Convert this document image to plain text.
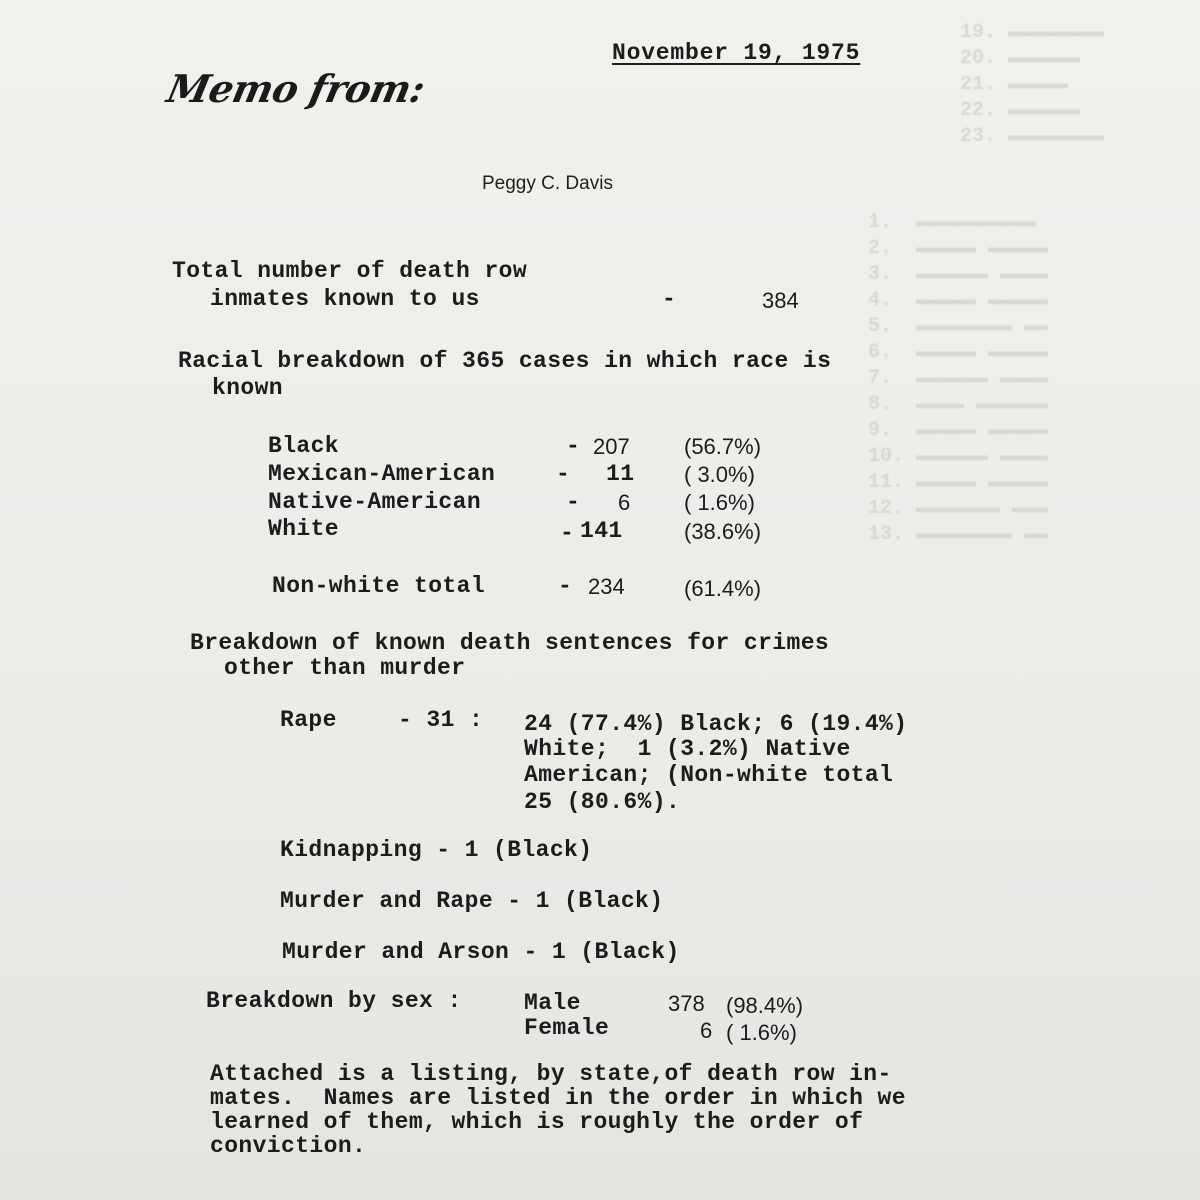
1.  ▬▬▬▬▬▬▬▬▬▬
2.  ▬▬▬▬▬ ▬▬▬▬▬
3.  ▬▬▬▬▬▬ ▬▬▬▬
4.  ▬▬▬▬▬ ▬▬▬▬▬
5.  ▬▬▬▬▬▬▬▬ ▬▬
6.  ▬▬▬▬▬ ▬▬▬▬▬
7.  ▬▬▬▬▬▬ ▬▬▬▬
8.  ▬▬▬▬ ▬▬▬▬▬▬
9.  ▬▬▬▬▬ ▬▬▬▬▬
10. ▬▬▬▬▬▬ ▬▬▬▬
11. ▬▬▬▬▬ ▬▬▬▬▬
12. ▬▬▬▬▬▬▬ ▬▬▬
13. ▬▬▬▬▬▬▬▬ ▬▬
19. ▬▬▬▬▬▬▬▬
20. ▬▬▬▬▬▬
21. ▬▬▬▬▬
22. ▬▬▬▬▬▬
23. ▬▬▬▬▬▬▬▬
November 19, 1975
Memo from:
Peggy C. Davis
Total number of death row
inmates known to us	-	384
Racial breakdown of 365 cases in which race is
known
Black	- 207 (56.7%)
Mexican-American	- 11 ( 3.0%)
Native-American	- 6 ( 1.6%)
White	- 141	(38.6%)
Non-white total	- 234	(61.4%)
Breakdown of known death sentences for crimes
other than murder
Rape	- 31 : 24 (77.4%) Black; 6 (19.4%)
White;  1 (3.2%) Native
American; (Non-white total
25 (80.6%).
Kidnapping - 1 (Black)
Murder and Rape - 1 (Black)
Murder and Arson - 1 (Black)
Breakdown by sex :	Male	378 (98.4%)
Female	6 ( 1.6%)
Attached is a listing, by state,of death row in-
mates.  Names are listed in the order in which we
learned of them, which is roughly the order of
conviction.
